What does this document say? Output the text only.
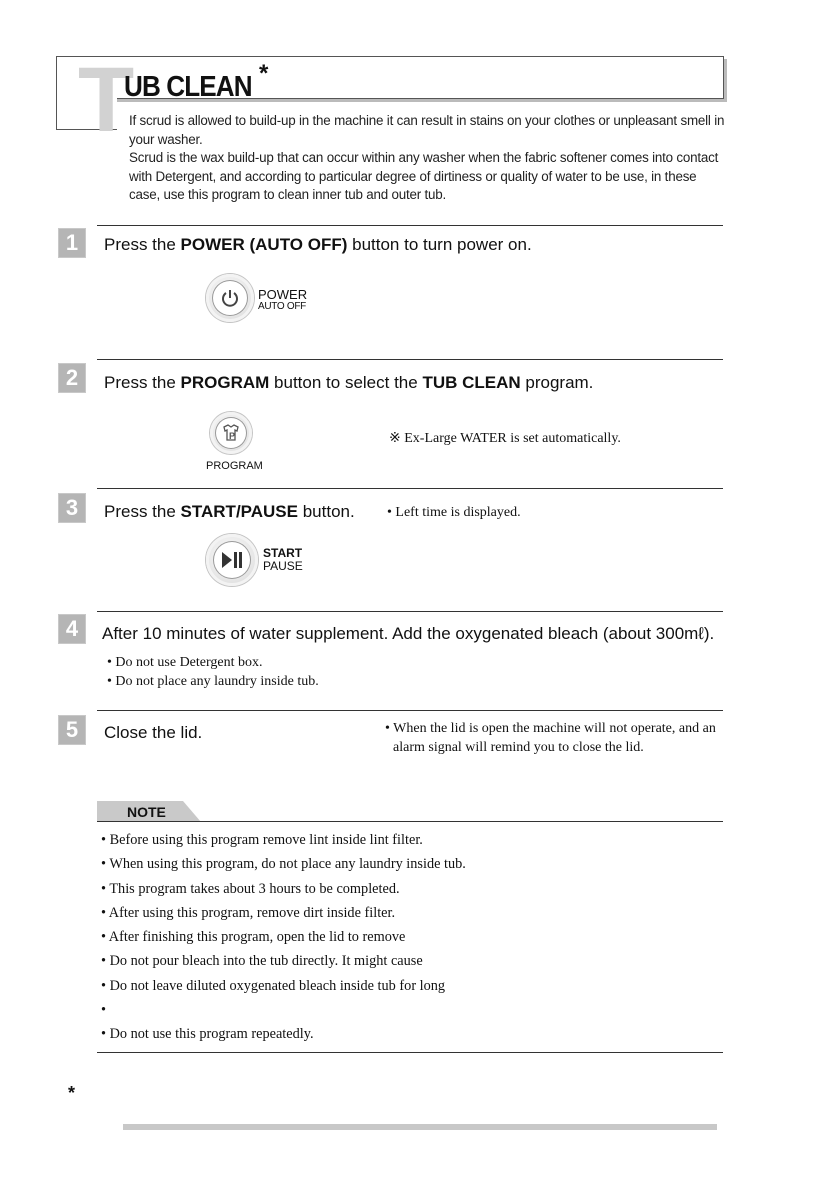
T
UB CLEAN *

If scrud is allowed to build-up in the machine it can result in stains on your clothes or unpleasant smell in your washer.

Scrud is the wax build-up that can occur within any washer when the fabric softener comes into contact with Detergent, and according to particular degree of dirtiness or quality of water to be use, in these case, use this program to clean inner tub and outer tub.

1	Press the POWER (AUTO OFF) button to turn power on.
POWER
AUTO OFF
2	Press the PROGRAM button to select the TUB CLEAN program.
P
PROGRAM
※ Ex-Large WATER is set automatically.
3	Press the START/PAUSE button. • Left time is displayed.
START
PAUSE
4	After 10 minutes of water supplement. Add the oxygenated bleach (about 300mℓ).
• Do not use Detergent box.
• Do not place any laundry inside tub.
5	Close the lid.	• When the lid is open the machine will not operate, and an
alarm signal will remind you to close the lid.
NOTE
• Before using this program remove lint inside lint filter.
• When using this program, do not place any laundry inside tub.
• This program takes about 3 hours to be completed.
• After using this program, remove dirt inside filter.
• After finishing this program, open the lid to remove
• Do not pour bleach into the tub directly. It might cause
• Do not leave diluted oxygenated bleach inside tub for long
•
• Do not use this program repeatedly.
*
